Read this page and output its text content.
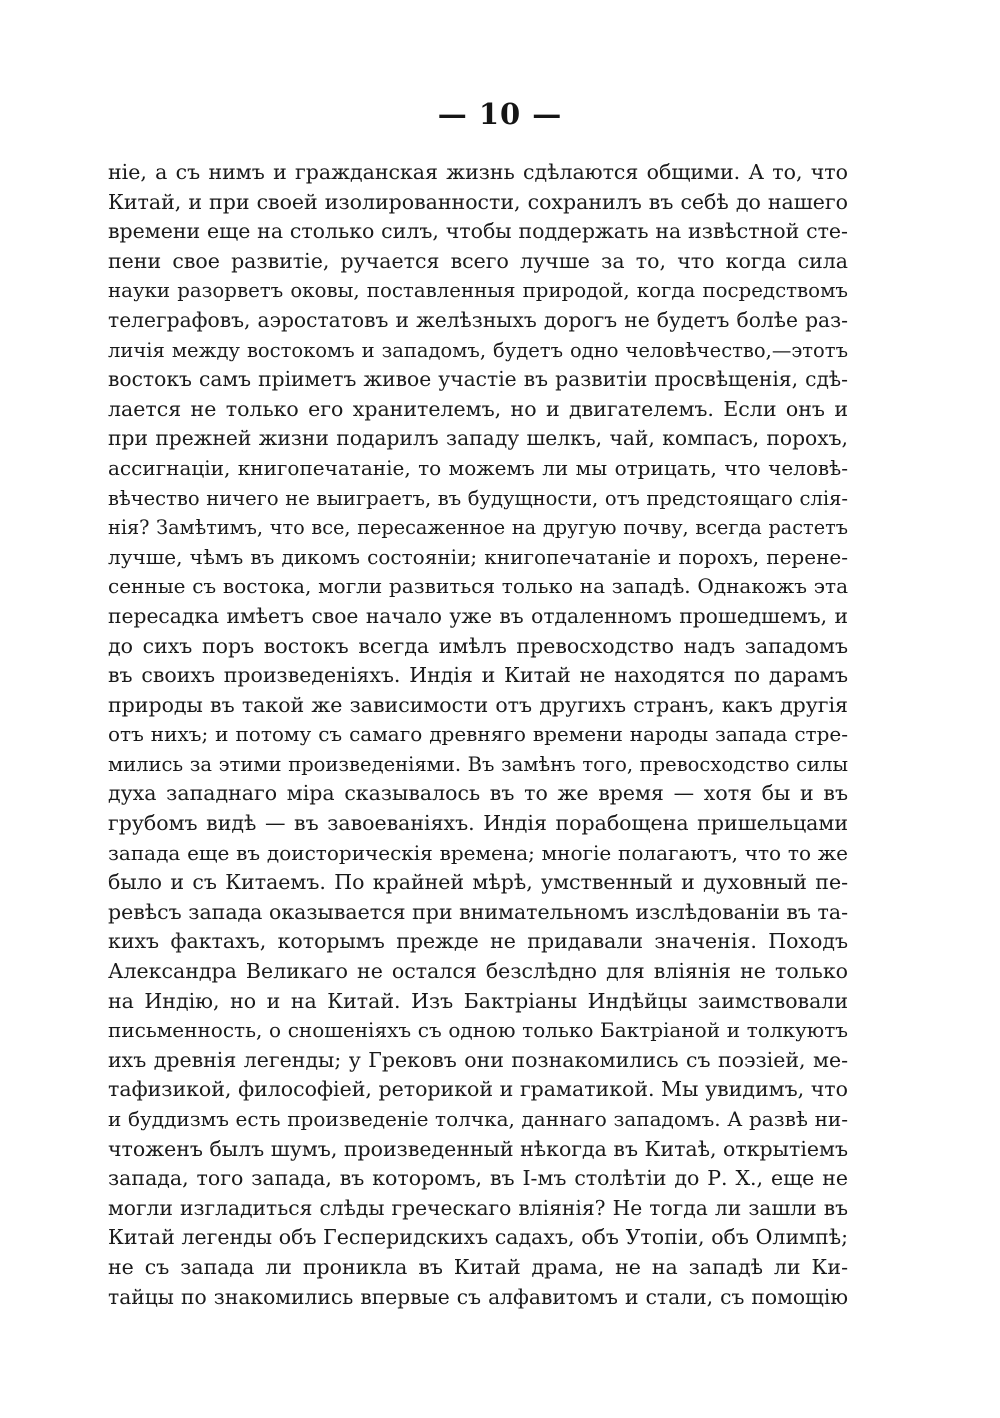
— 10 —
ніе, а съ нимъ и гражданская жизнь сдѣлаются общими. А то, что
Китай, и при своей изолированности, сохранилъ въ себѣ до нашего
времени еще на столько силъ, чтобы поддержать на извѣстной сте-
пени свое развитіе, ручается всего лучше за то, что когда сила
науки разорветъ оковы, поставленныя природой, когда посредствомъ
телеграфовъ, аэростатовъ и желѣзныхъ дорогъ не будетъ болѣе раз-
личія между востокомъ и западомъ, будетъ одно человѣчество,—этотъ
востокъ самъ пріиметъ живое участіе въ развитіи просвѣщенія, сдѣ-
лается не только его хранителемъ, но и двигателемъ. Если онъ и
при прежней жизни подарилъ западу шелкъ, чай, компасъ, порохъ,
ассигнаціи, книгопечатаніе, то можемъ ли мы отрицать, что человѣ-
вѣчество ничего не выиграетъ, въ будущности, отъ предстоящаго слія-
нія? Замѣтимъ, что все, пересаженное на другую почву, всегда растетъ
лучше, чѣмъ въ дикомъ состояніи; книгопечатаніе и порохъ, перене-
сенные съ востока, могли развиться только на западѣ. Однакожъ эта
пересадка имѣетъ свое начало уже въ отдаленномъ прошедшемъ, и
до сихъ поръ востокъ всегда имѣлъ превосходство надъ западомъ
въ своихъ произведеніяхъ. Индія и Китай не находятся по дарамъ
природы въ такой же зависимости отъ другихъ странъ, какъ другія
отъ нихъ; и потому съ самаго древняго времени народы запада стре-
мились за этими произведеніями. Въ замѣнъ того, превосходство силы
духа западнаго міра сказывалось въ то же время — хотя бы и въ
грубомъ видѣ — въ завоеваніяхъ. Индія порабощена пришельцами
запада еще въ доисторическія времена; многіе полагаютъ, что то же
было и съ Китаемъ. По крайней мѣрѣ, умственный и духовный пе-
ревѣсъ запада оказывается при внимательномъ изслѣдованіи въ та-
кихъ фактахъ, которымъ прежде не придавали значенія. Походъ
Александра Великаго не остался безслѣдно для вліянія не только
на Индію, но и на Китай. Изъ Бактріаны Индѣйцы заимствовали
письменность, о сношеніяхъ съ одною только Бактріаной и толкуютъ
ихъ древнія легенды; у Грековъ они познакомились съ поэзіей, ме-
тафизикой, философіей, реторикой и граматикой. Мы увидимъ, что
и буддизмъ есть произведеніе толчка, даннаго западомъ. А развѣ ни-
чтоженъ былъ шумъ, произведенный нѣкогда въ Китаѣ, открытіемъ
запада, того запада, въ которомъ, въ І-мъ столѣтіи до Р. Х., еще не
могли изгладиться слѣды греческаго вліянія? Не тогда ли зашли въ
Китай легенды объ Гесперидскихъ садахъ, объ Утопіи, объ Олимпѣ;
не съ запада ли проникла въ Китай драма, не на западѣ ли Ки-
тайцы по знакомились впервые съ алфавитомъ и стали, съ помощію
